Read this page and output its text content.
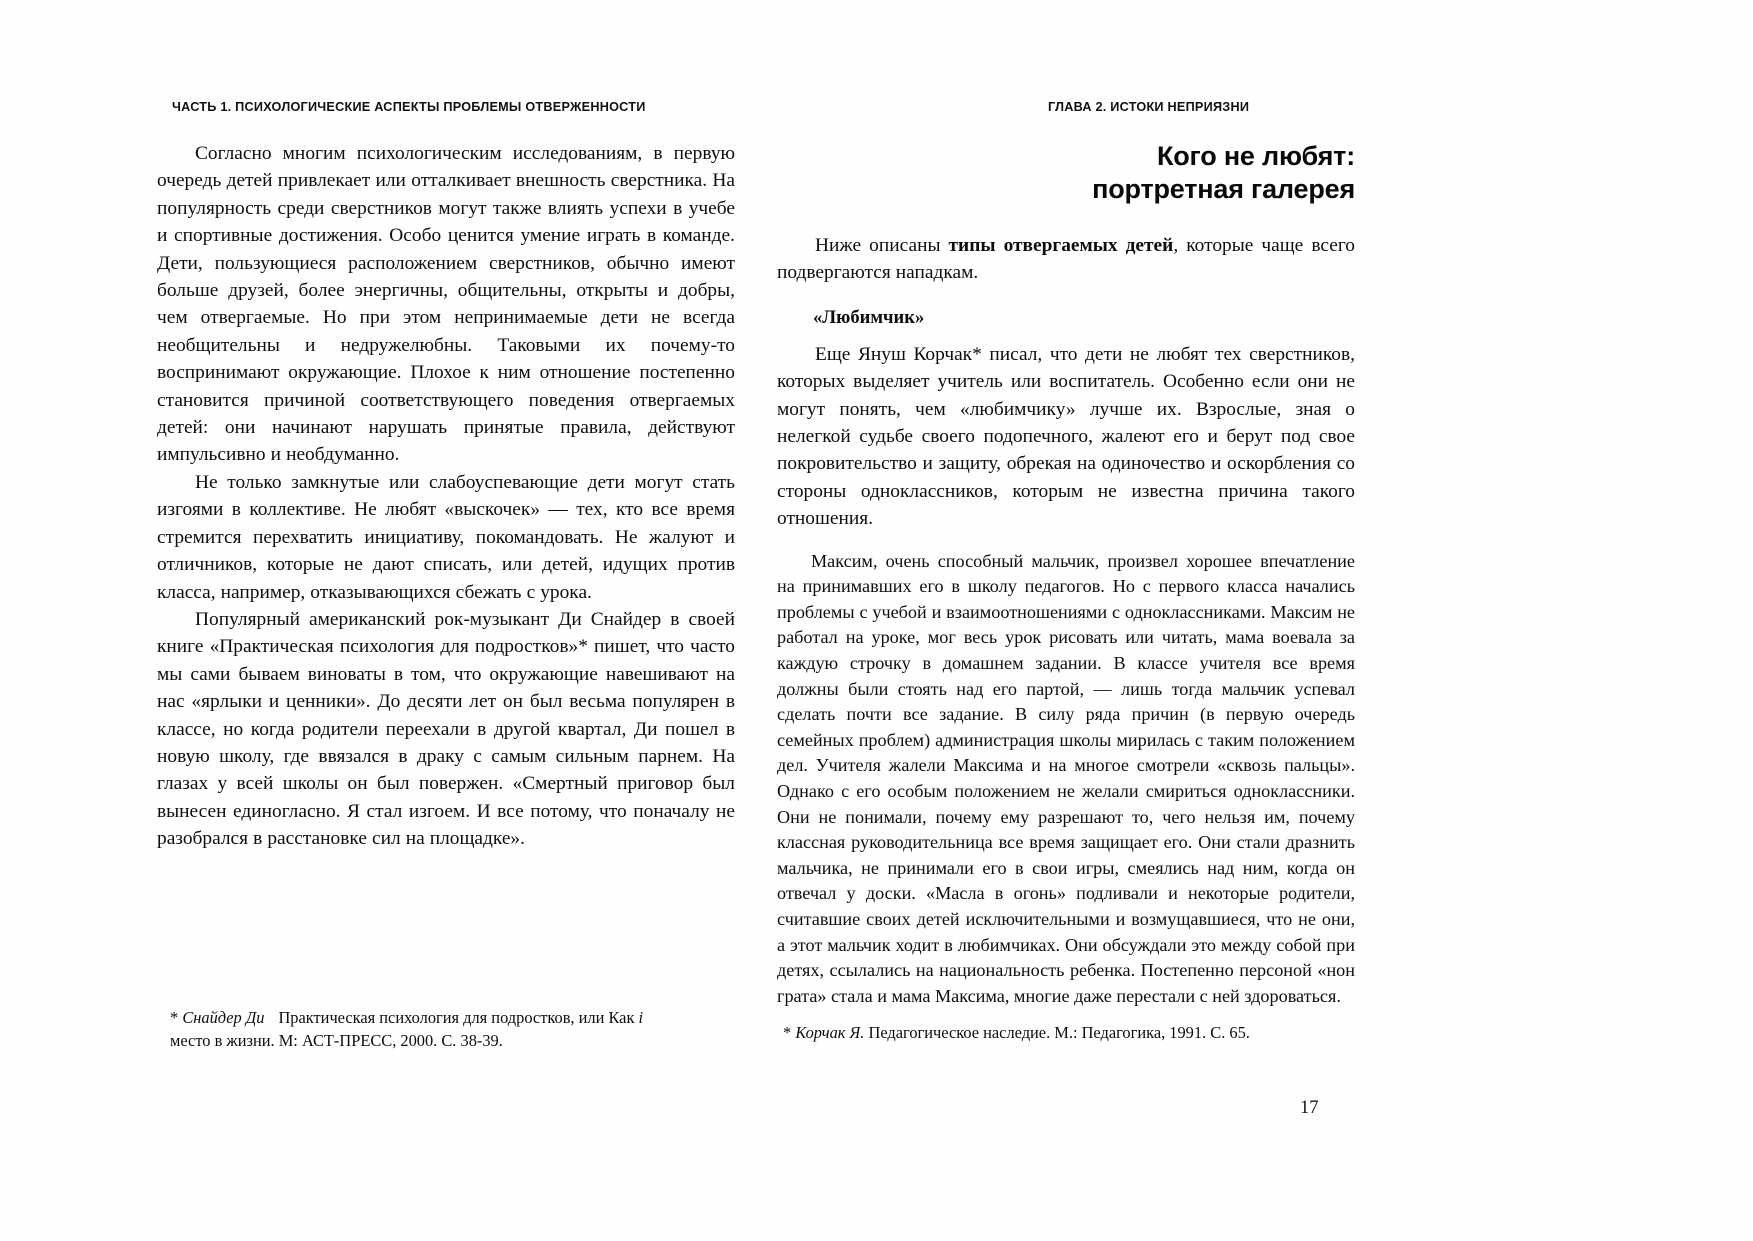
ЧАСТЬ 1. ПСИХОЛОГИЧЕСКИЕ АСПЕКТЫ ПРОБЛЕМЫ ОТВЕРЖЕННОСТИ	ГЛАВА 2. ИСТОКИ НЕПРИЯЗНИ

Согласно многим психологическим исследованиям, в первую очередь детей привлекает или отталкивает внешность сверстника. На популярность среди сверстников могут также влиять успехи в учебе и спортивные достижения. Особо ценится умение играть в команде. Дети, пользующиеся расположением сверстников, обычно имеют больше друзей, более энергичны, общительны, открыты и добры, чем отвергаемые. Но при этом непринимаемые дети не всегда необщительны и недружелюбны. Таковыми их почему-то воспринимают окружающие. Плохое к ним отношение постепенно становится причиной соответствующего поведения отвергаемых детей: они начинают нарушать принятые правила, действуют импульсивно и необдуманно.

Не только замкнутые или слабоуспевающие дети могут стать изгоями в коллективе. Не любят «выскочек» — тех, кто все время стремится перехватить инициативу, покомандовать. Не жалуют и отличников, которые не дают списать, или детей, идущих против класса, например, отказывающихся сбежать с урока.

Популярный американский рок-музыкант Ди Снайдер в своей книге «Практическая психология для подростков»* пишет, что часто мы сами бываем виноваты в том, что окружающие навешивают на нас «ярлыки и ценники». До десяти лет он был весьма популярен в классе, но когда родители переехали в другой квартал, Ди пошел в новую школу, где ввязался в драку с самым сильным парнем. На глазах у всей школы он был повержен. «Смертный приговор был вынесен единогласно. Я стал изгоем. И все потому, что поначалу не разобрался в расстановке сил на площадке».

Кого не любят:
портретная галерея

Ниже описаны типы отвергаемых детей, которые чаще всего подвергаются нападкам.

«Любимчик»

Еще Януш Корчак* писал, что дети не любят тех сверстников, которых выделяет учитель или воспитатель. Особенно если они не могут понять, чем «любимчику» лучше их. Взрослые, зная о нелегкой судьбе своего подопечного, жалеют его и берут под свое покровительство и защиту, обрекая на одиночество и оскорбления со стороны одноклассников, которым не известна причина такого отношения.

Максим, очень способный мальчик, произвел хорошее впечатление на принимавших его в школу педагогов. Но с первого класса начались проблемы с учебой и взаимоотношениями с одноклассниками. Максим не работал на уроке, мог весь урок рисовать или читать, мама воевала за каждую строчку в домашнем задании. В классе учителя все время должны были стоять над его партой, — лишь тогда мальчик успевал сделать почти все задание. В силу ряда причин (в первую очередь семейных проблем) администрация школы мирилась с таким положением дел. Учителя жалели Максима и на многое смотрели «сквозь пальцы». Однако с его особым положением не желали смириться одноклассники. Они не понимали, почему ему разрешают то, чего нельзя им, почему классная руководительница все время защищает его. Они стали дразнить мальчика, не принимали его в свои игры, смеялись над ним, когда он отвечал у доски. «Масла в огонь» подливали и некоторые родители, считавшие своих детей исключительными и возмущавшиеся, что не они, а этот мальчик ходит в любимчиках. Они обсуждали это между собой при детях, ссылались на национальность ребенка. Постепенно персоной «нон грата» стала и мама Максима, многие даже перестали с ней здороваться.

* Снайдер Ди Практическая психология для подростков, или Как i
место в жизни. М: АСТ-ПРЕСС, 2000. С. 38-39.	* Корчак Я. Педагогическое наследие. М.: Педагогика, 1991. С. 65.
17
